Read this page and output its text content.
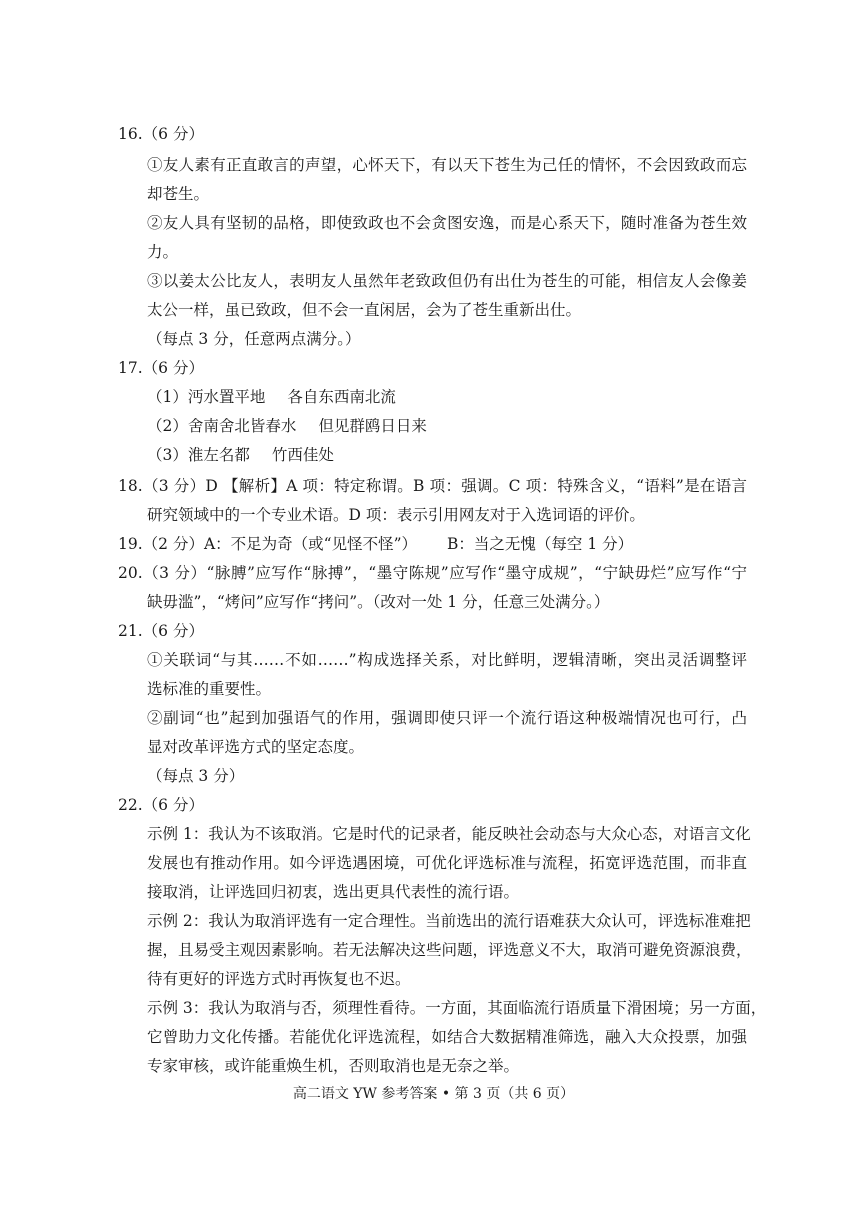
16.（6 分）
①友人素有正直敢言的声望，心怀天下，有以天下苍生为己任的情怀，不会因致政而忘
却苍生。
②友人具有坚韧的品格，即使致政也不会贪图安逸，而是心系天下，随时准备为苍生效
力。
③以姜太公比友人，表明友人虽然年老致政但仍有出仕为苍生的可能，相信友人会像姜
太公一样，虽已致政，但不会一直闲居，会为了苍生重新出仕。
（每点 3 分，任意两点满分。）
17.（6 分）
（1）沔水置平地 各自东西南北流
（2）舍南舍北皆春水 但见群鸥日日来
（3）淮左名都 竹西佳处
18.（3 分）D 【解析】A 项：特定称谓。B 项：强调。C 项：特殊含义，“语料”是在语言
研究领域中的一个专业术语。D 项：表示引用网友对于入选词语的评价。
19.（2 分）A：不足为奇（或“见怪不怪”） B：当之无愧（每空 1 分）
20.（3 分）“脉膊”应写作“脉搏”，“墨守陈规”应写作“墨守成规”，“宁缺毋烂”应写作“宁
缺毋滥”，“烤问”应写作“拷问”。（改对一处 1 分，任意三处满分。）
21.（6 分）
①关联词“与其……不如……”构成选择关系，对比鲜明，逻辑清晰，突出灵活调整评
选标准的重要性。
②副词“也”起到加强语气的作用，强调即使只评一个流行语这种极端情况也可行，凸
显对改革评选方式的坚定态度。
（每点 3 分）
22.（6 分）
示例 1：我认为不该取消。它是时代的记录者，能反映社会动态与大众心态，对语言文化
发展也有推动作用。如今评选遇困境，可优化评选标准与流程，拓宽评选范围，而非直
接取消，让评选回归初衷，选出更具代表性的流行语。
示例 2：我认为取消评选有一定合理性。当前选出的流行语难获大众认可，评选标准难把
握，且易受主观因素影响。若无法解决这些问题，评选意义不大，取消可避免资源浪费，
待有更好的评选方式时再恢复也不迟。
示例 3：我认为取消与否，须理性看待。一方面，其面临流行语质量下滑困境；另一方面，
它曾助力文化传播。若能优化评选流程，如结合大数据精准筛选，融入大众投票，加强
专家审核，或许能重焕生机，否则取消也是无奈之举。
高二语文 YW 参考答案 • 第 3 页（共 6 页）
